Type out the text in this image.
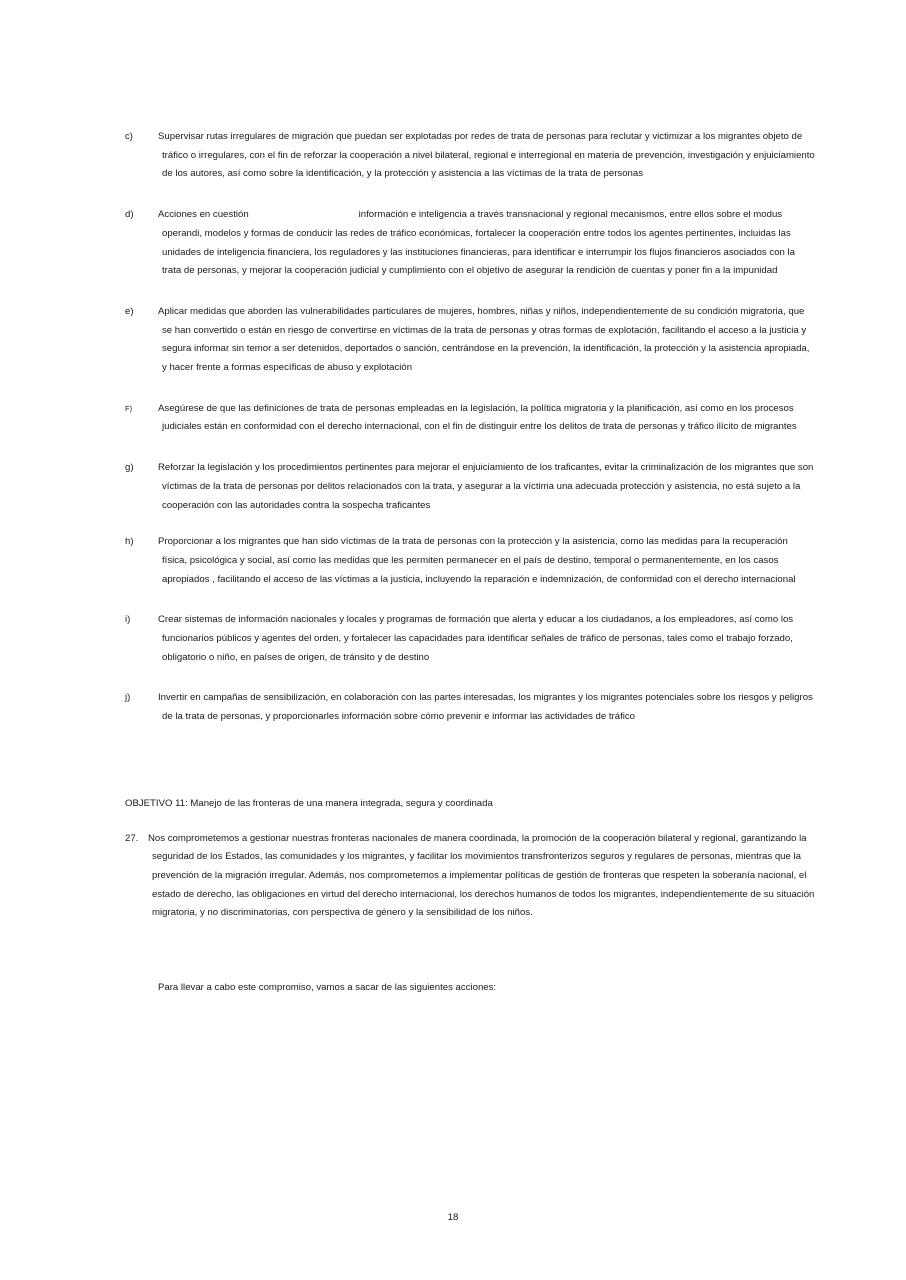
c)	Supervisar rutas irregulares de migración que puedan ser explotadas por redes de trata de personas para reclutar y victimizar a los migrantes objeto de tráfico o irregulares, con el fin de reforzar la cooperación a nivel bilateral, regional e interregional en materia de prevención, investigación y enjuiciamiento de los autores, así como sobre la identificación, y la protección y asistencia a las víctimas de la trata de personas

d)	Acciones en cuestión	información e inteligencia a través transnacional y regional mecanismos, entre ellos sobre el modus operandi, modelos y formas de conducir las redes de tráfico económicas, fortalecer la cooperación entre todos los agentes pertinentes, incluidas las unidades de inteligencia financiera, los reguladores y las instituciones financieras, para identificar e interrumpir los flujos financieros asociados con la trata de personas, y mejorar la cooperación judicial y cumplimiento con el objetivo de asegurar la rendición de cuentas y poner fin a la impunidad

e)	Aplicar medidas que aborden las vulnerabilidades particulares de mujeres, hombres, niñas y niños, independientemente de su condición migratoria, que se han convertido o están en riesgo de convertirse en víctimas de la trata de personas y otras formas de explotación, facilitando el acceso a la justicia y segura informar sin temor a ser detenidos, deportados o sanción, centrándose en la prevención, la identificación, la protección y la asistencia apropiada, y hacer frente a formas específicas de abuso y explotación

F)	Asegúrese de que las definiciones de trata de personas empleadas en la legislación, la política migratoria y la planificación, así como en los procesos judiciales están en conformidad con el derecho internacional, con el fin de distinguir entre los delitos de trata de personas y tráfico ilícito de migrantes

g)	Reforzar la legislación y los procedimientos pertinentes para mejorar el enjuiciamiento de los traficantes, evitar la criminalización de los migrantes que son víctimas de la trata de personas por delitos relacionados con la trata, y asegurar a la víctima una adecuada protección y asistencia, no está sujeto a la cooperación con las autoridades contra la sospecha traficantes

h)	Proporcionar a los migrantes que han sido víctimas de la trata de personas con la protección y la asistencia, como las medidas para la recuperación física, psicológica y social, así como las medidas que les permiten permanecer en el país de destino, temporal o permanentemente, en los casos apropiados , facilitando el acceso de las víctimas a la justicia, incluyendo la reparación e indemnización, de conformidad con el derecho internacional

i)	Crear sistemas de información nacionales y locales y programas de formación que alerta y educar a los ciudadanos, a los empleadores, así como los funcionarios públicos y agentes del orden, y fortalecer las capacidades para identificar señales de tráfico de personas, tales como el trabajo forzado, obligatorio o niño, en países de origen, de tránsito y de destino

j)	Invertir en campañas de sensibilización, en colaboración con las partes interesadas, los migrantes y los migrantes potenciales sobre los riesgos y peligros de la trata de personas, y proporcionarles información sobre cómo prevenir e informar las actividades de tráfico

OBJETIVO 11: Manejo de las fronteras de una manera integrada, segura y coordinada

27. Nos comprometemos a gestionar nuestras fronteras nacionales de manera coordinada, la promoción de la cooperación bilateral y regional, garantizando la seguridad de los Estados, las comunidades y los migrantes, y facilitar los movimientos transfronterizos seguros y regulares de personas, mientras que la prevención de la migración irregular. Además, nos comprometemos a implementar políticas de gestión de fronteras que respeten la soberanía nacional, el estado de derecho, las obligaciones en virtud del derecho internacional, los derechos humanos de todos los migrantes, independientemente de su situación migratoria, y no discriminatorias, con perspectiva de género y la sensibilidad de los niños.

Para llevar a cabo este compromiso, vamos a sacar de las siguientes acciones:

18
